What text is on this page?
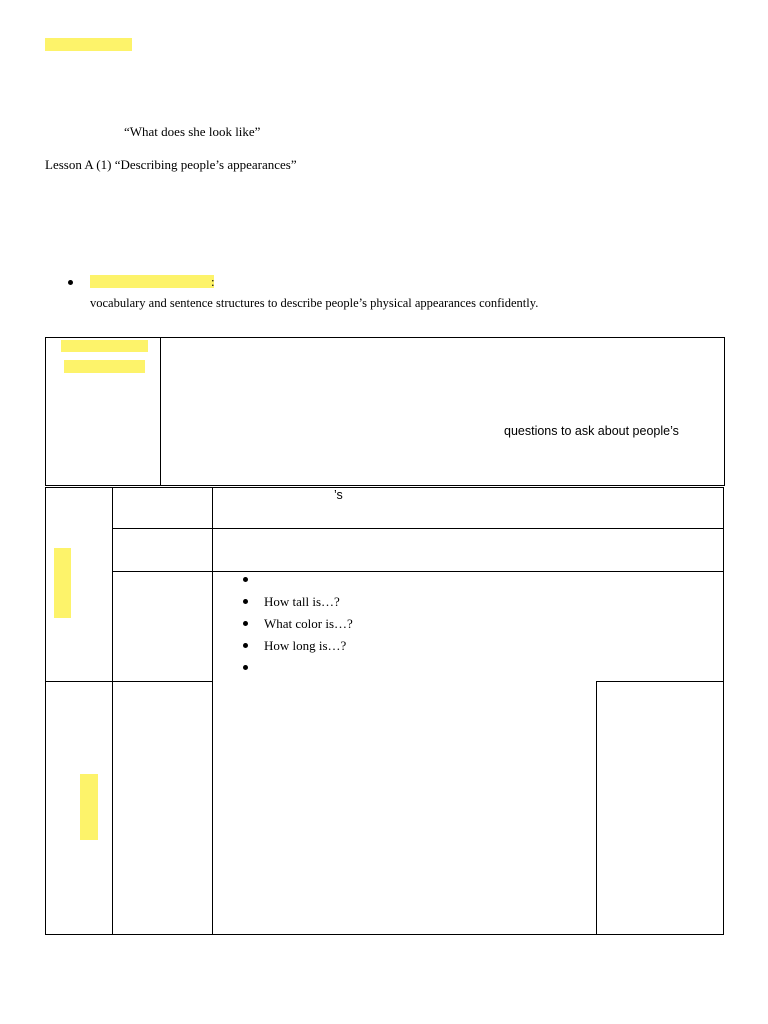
“What does she look like”
Lesson A (1) “Describing people’s appearances”
:
vocabulary and sentence structures to describe people’s physical appearances confidently.
questions to ask about people’s
’s
How tall is…?
What color is…?
How long is…?
